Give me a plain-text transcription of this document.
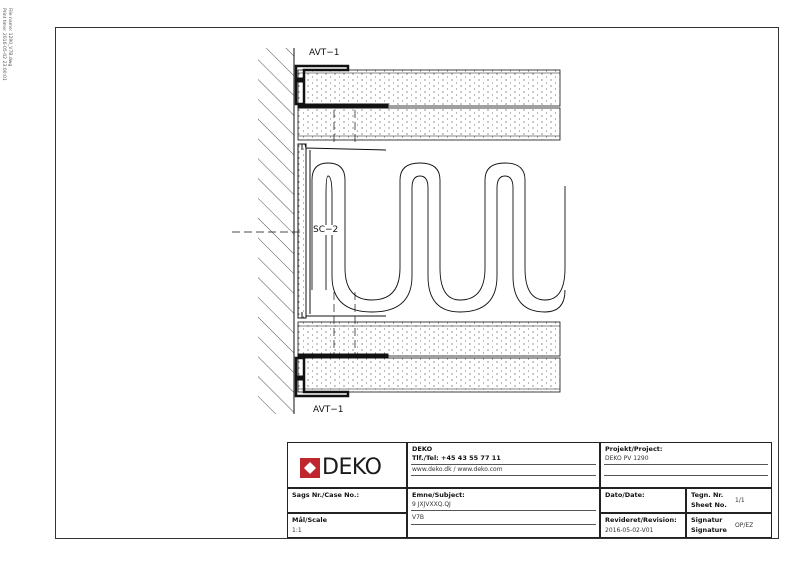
Print time: 2016-05-02 23:00:01 File name: 1290_V7B.dwg	AVT−1
SC−2
AVT−1
DEKO
DEKO
Tlf./Tel: +45 43 55 77 11
www.deko.dk / www.deko.com
Projekt/Project:
DEKO PV 1290
Sags Nr./Case No.:	Emne/Subject:
9 JXJVXXQ.QJ
V7B
Dato/Date:	Tegn. Nr.
Sheet No.
1/1
Mål/Scale
1:1
Revideret/Revision:
2016-05-02-V01
Signatur
Signature
OP/EZ
